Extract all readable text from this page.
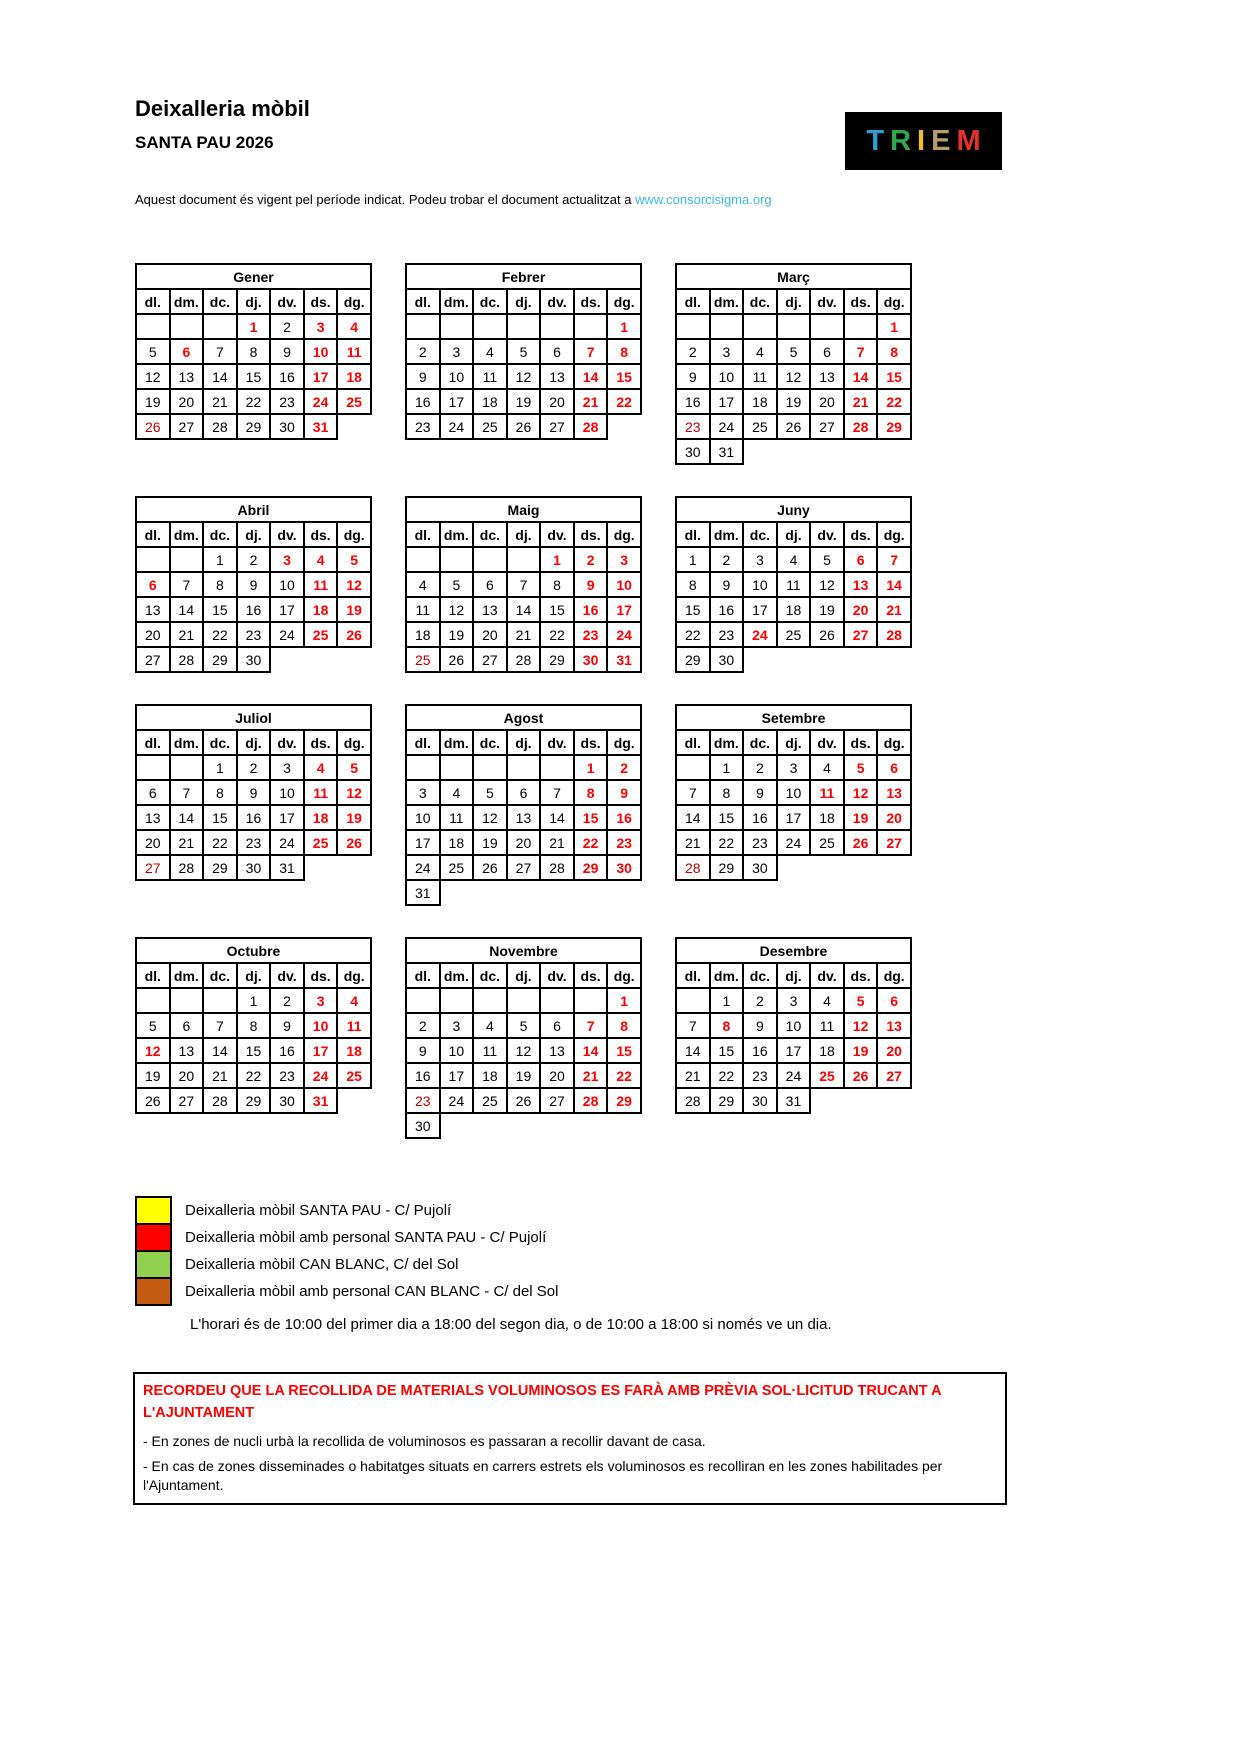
Deixalleria mòbil
SANTA PAU 2026	T R I E M

Aquest document és vigent pel període indicat. Podeu trobar el document actualitzat a www.consorcisigma.org

Gener						
dl.	dm.	dc.	dj.	dv.	ds.	dg.
			1	2	3	4
5	6	7	8	9	10	11
12	13	14	15	16	17	18
19	20	21	22	23	24	25
26	27	28	29	30	31	
Febrer						
dl.	dm.	dc.	dj.	dv.	ds.	dg.
						1
2	3	4	5	6	7	8
9	10	11	12	13	14	15
16	17	18	19	20	21	22
23	24	25	26	27	28	
Març						
dl.	dm.	dc.	dj.	dv.	ds.	dg.
						1
2	3	4	5	6	7	8
9	10	11	12	13	14	15
16	17	18	19	20	21	22
23	24	25	26	27	28	29
30	31					
Abril						
dl.	dm.	dc.	dj.	dv.	ds.	dg.
		1	2	3	4	5
6	7	8	9	10	11	12
13	14	15	16	17	18	19
20	21	22	23	24	25	26
27	28	29	30			
Maig						
dl.	dm.	dc.	dj.	dv.	ds.	dg.
				1	2	3
4	5	6	7	8	9	10
11	12	13	14	15	16	17
18	19	20	21	22	23	24
25	26	27	28	29	30	31
Juny						
dl.	dm.	dc.	dj.	dv.	ds.	dg.
1	2	3	4	5	6	7
8	9	10	11	12	13	14
15	16	17	18	19	20	21
22	23	24	25	26	27	28
29	30					
Juliol						
dl.	dm.	dc.	dj.	dv.	ds.	dg.
		1	2	3	4	5
6	7	8	9	10	11	12
13	14	15	16	17	18	19
20	21	22	23	24	25	26
27	28	29	30	31		
Agost						
dl.	dm.	dc.	dj.	dv.	ds.	dg.
					1	2
3	4	5	6	7	8	9
10	11	12	13	14	15	16
17	18	19	20	21	22	23
24	25	26	27	28	29	30
31						
Setembre						
dl.	dm.	dc.	dj.	dv.	ds.	dg.
	1	2	3	4	5	6
7	8	9	10	11	12	13
14	15	16	17	18	19	20
21	22	23	24	25	26	27
28	29	30				
Octubre						
dl.	dm.	dc.	dj.	dv.	ds.	dg.
			1	2	3	4
5	6	7	8	9	10	11
12	13	14	15	16	17	18
19	20	21	22	23	24	25
26	27	28	29	30	31	
Novembre						
dl.	dm.	dc.	dj.	dv.	ds.	dg.
						1
2	3	4	5	6	7	8
9	10	11	12	13	14	15
16	17	18	19	20	21	22
23	24	25	26	27	28	29
30						
Desembre						
dl.	dm.	dc.	dj.	dv.	ds.	dg.
	1	2	3	4	5	6
7	8	9	10	11	12	13
14	15	16	17	18	19	20
21	22	23	24	25	26	27
28	29	30	31			
Deixalleria mòbil SANTA PAU - C/ Pujolí
Deixalleria mòbil amb personal SANTA PAU - C/ Pujolí
Deixalleria mòbil CAN BLANC, C/ del Sol
Deixalleria mòbil amb personal CAN BLANC - C/ del Sol

L'horari és de 10:00 del primer dia a 18:00 del segon dia, o de 10:00 a 18:00 si només ve un dia.

RECORDEU QUE LA RECOLLIDA DE MATERIALS VOLUMINOSOS ES FARÀ AMB PRÈVIA SOL·LICITUD TRUCANT A L'AJUNTAMENT

- En zones de nucli urbà la recollida de voluminosos es passaran a recollir davant de casa.

- En cas de zones disseminades o habitatges situats en carrers estrets els voluminosos es recolliran en les zones habilitades per l'Ajuntament.
